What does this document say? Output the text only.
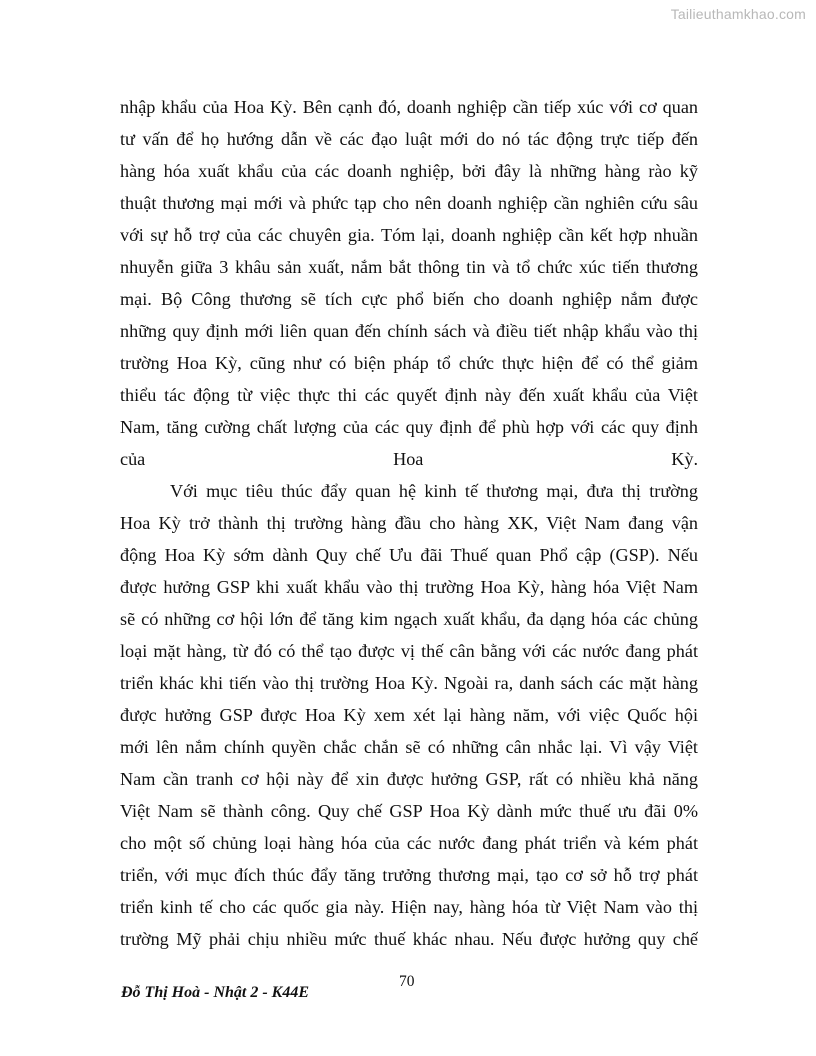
Tailieuthamkhao.com
nhập khẩu của Hoa Kỳ. Bên cạnh đó, doanh nghiệp cần tiếp xúc với cơ quan
tư vấn để họ hướng dẫn về các đạo luật mới do nó tác động trực tiếp đến
hàng hóa xuất khẩu của các doanh nghiệp, bởi đây là những hàng rào kỹ
thuật thương mại mới và phức tạp cho nên doanh nghiệp cần nghiên cứu sâu
với sự hỗ trợ của các chuyên gia. Tóm lại, doanh nghiệp cần kết hợp nhuần
nhuyễn giữa 3 khâu sản xuất, nắm bắt thông tin và tổ chức xúc tiến thương
mại. Bộ Công thương sẽ tích cực phổ biến cho doanh nghiệp nắm được
những quy định mới liên quan đến chính sách và điều tiết nhập khẩu vào thị
trường Hoa Kỳ, cũng như có biện pháp tổ chức thực hiện để có thể giảm
thiểu tác động từ việc thực thi các quyết định này đến xuất khẩu của Việt
Nam, tăng cường chất lượng của các quy định để phù hợp với các quy định
của Hoa Kỳ.
Với mục tiêu thúc đẩy quan hệ kinh tế thương mại, đưa thị trường
Hoa Kỳ trở thành thị trường hàng đầu cho hàng XK, Việt Nam đang vận
động Hoa Kỳ sớm dành Quy chế Ưu đãi Thuế quan Phổ cập (GSP). Nếu
được hưởng GSP khi xuất khẩu vào thị trường Hoa Kỳ, hàng hóa Việt Nam
sẽ có những cơ hội lớn để tăng kim ngạch xuất khẩu, đa dạng hóa các chủng
loại mặt hàng, từ đó có thể tạo được vị thế cân bằng với các nước đang phát
triển khác khi tiến vào thị trường Hoa Kỳ. Ngoài ra, danh sách các mặt hàng
được hưởng GSP được Hoa Kỳ xem xét lại hàng năm, với việc Quốc hội
mới lên nắm chính quyền chắc chắn sẽ có những cân nhắc lại. Vì vậy Việt
Nam cần tranh cơ hội này để xin được hưởng GSP, rất có nhiều khả năng
Việt Nam sẽ thành công. Quy chế GSP Hoa Kỳ dành mức thuế ưu đãi 0%
cho một số chủng loại hàng hóa của các nước đang phát triển và kém phát
triển, với mục đích thúc đẩy tăng trưởng thương mại, tạo cơ sở hỗ trợ phát
triển kinh tế cho các quốc gia này. Hiện nay, hàng hóa từ Việt Nam vào thị
trường Mỹ phải chịu nhiều mức thuế khác nhau. Nếu được hưởng quy chế
70
Đỗ Thị Hoà - Nhật 2 - K44E
